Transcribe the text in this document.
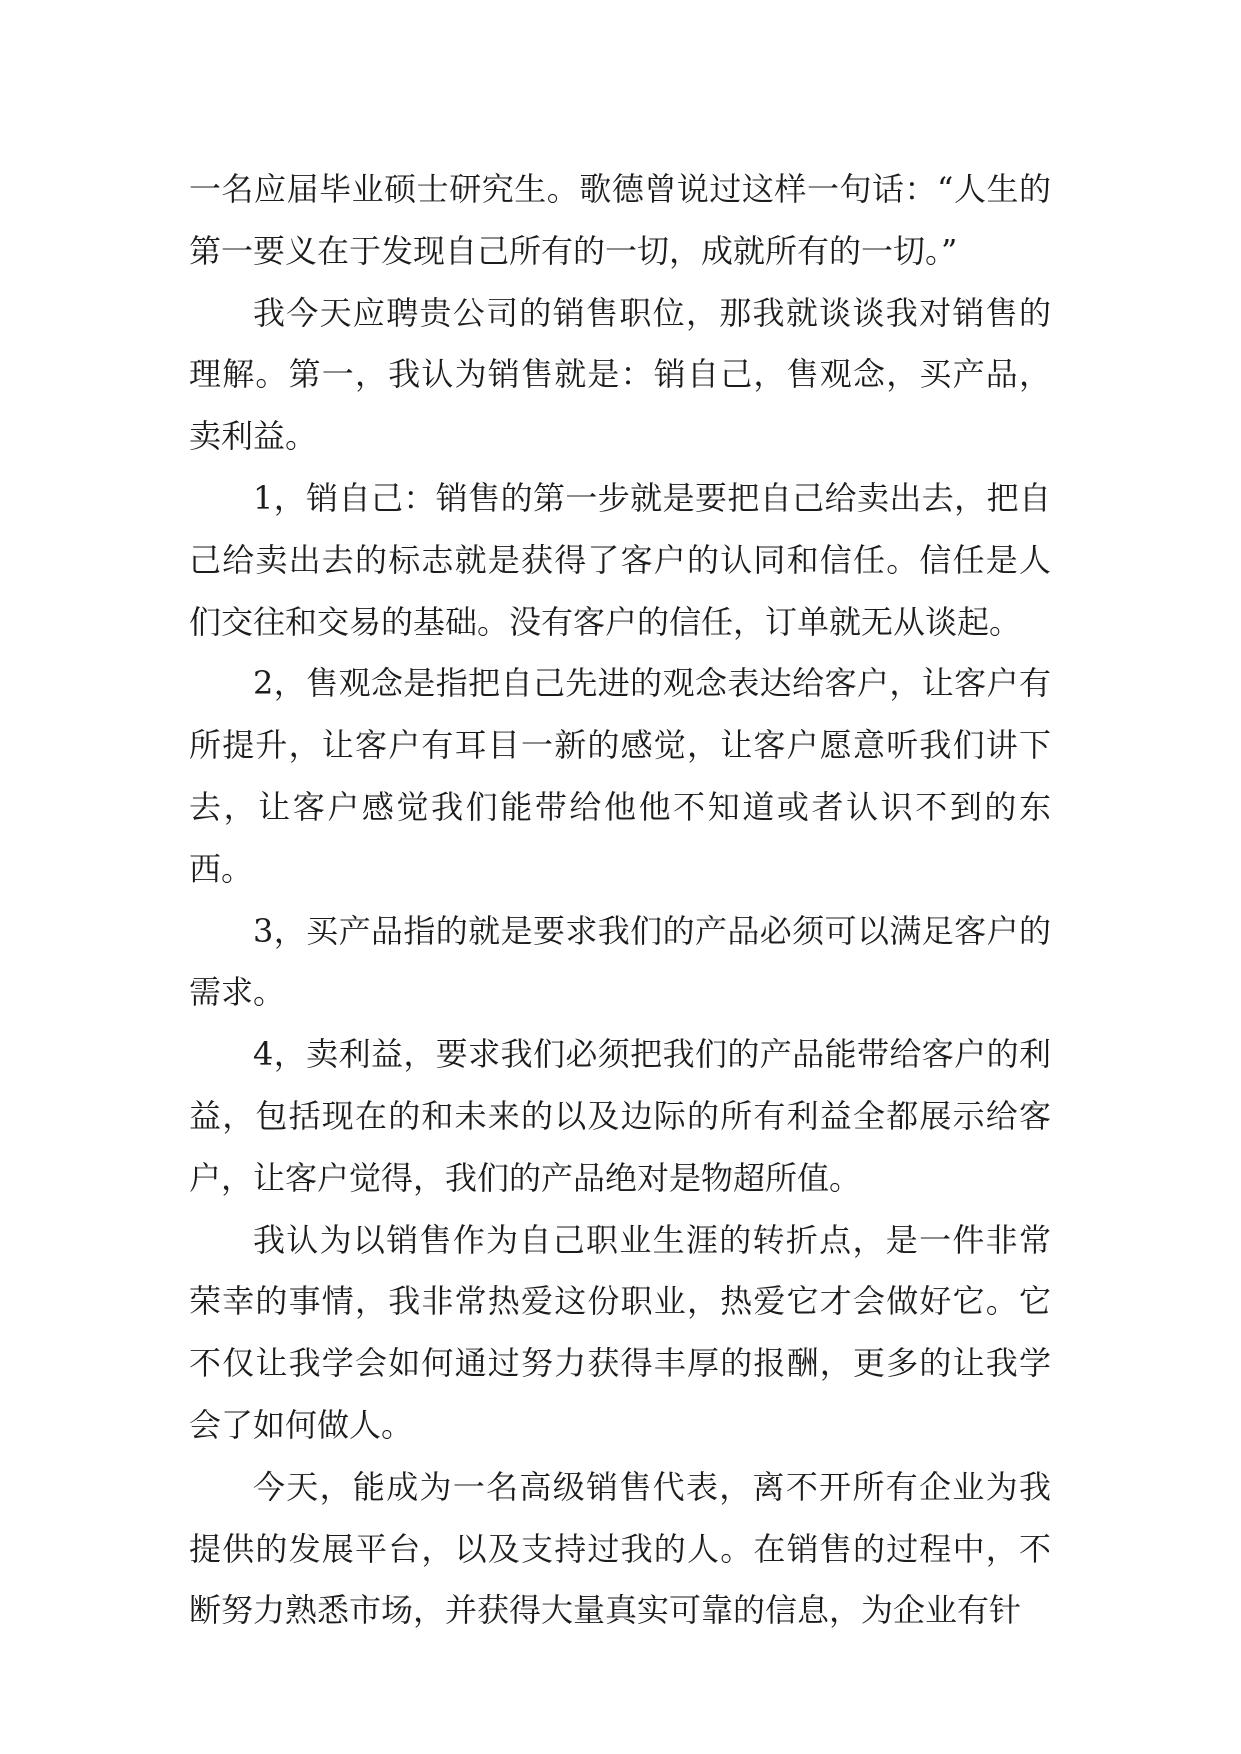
一名应届毕业硕士研究生。歌德曾说过这样一句话：“人生的第一要义在于发现自己所有的一切，成就所有的一切。”

我今天应聘贵公司的销售职位，那我就谈谈我对销售的理解。第一，我认为销售就是：销自己，售观念，买产品，卖利益。

1，销自己：销售的第一步就是要把自己给卖出去，把自己给卖出去的标志就是获得了客户的认同和信任。信任是人们交往和交易的基础。没有客户的信任，订单就无从谈起。

2，售观念是指把自己先进的观念表达给客户，让客户有所提升，让客户有耳目一新的感觉，让客户愿意听我们讲下去，让客户感觉我们能带给他他不知道或者认识不到的东西。

3，买产品指的就是要求我们的产品必须可以满足客户的需求。

4，卖利益，要求我们必须把我们的产品能带给客户的利益，包括现在的和未来的以及边际的所有利益全都展示给客户，让客户觉得，我们的产品绝对是物超所值。

我认为以销售作为自己职业生涯的转折点，是一件非常荣幸的事情，我非常热爱这份职业，热爱它才会做好它。它不仅让我学会如何通过努力获得丰厚的报酬，更多的让我学会了如何做人。

今天，能成为一名高级销售代表，离不开所有企业为我提供的发展平台，以及支持过我的人。在销售的过程中，不断努力熟悉市场，并获得大量真实可靠的信息，为企业有针
